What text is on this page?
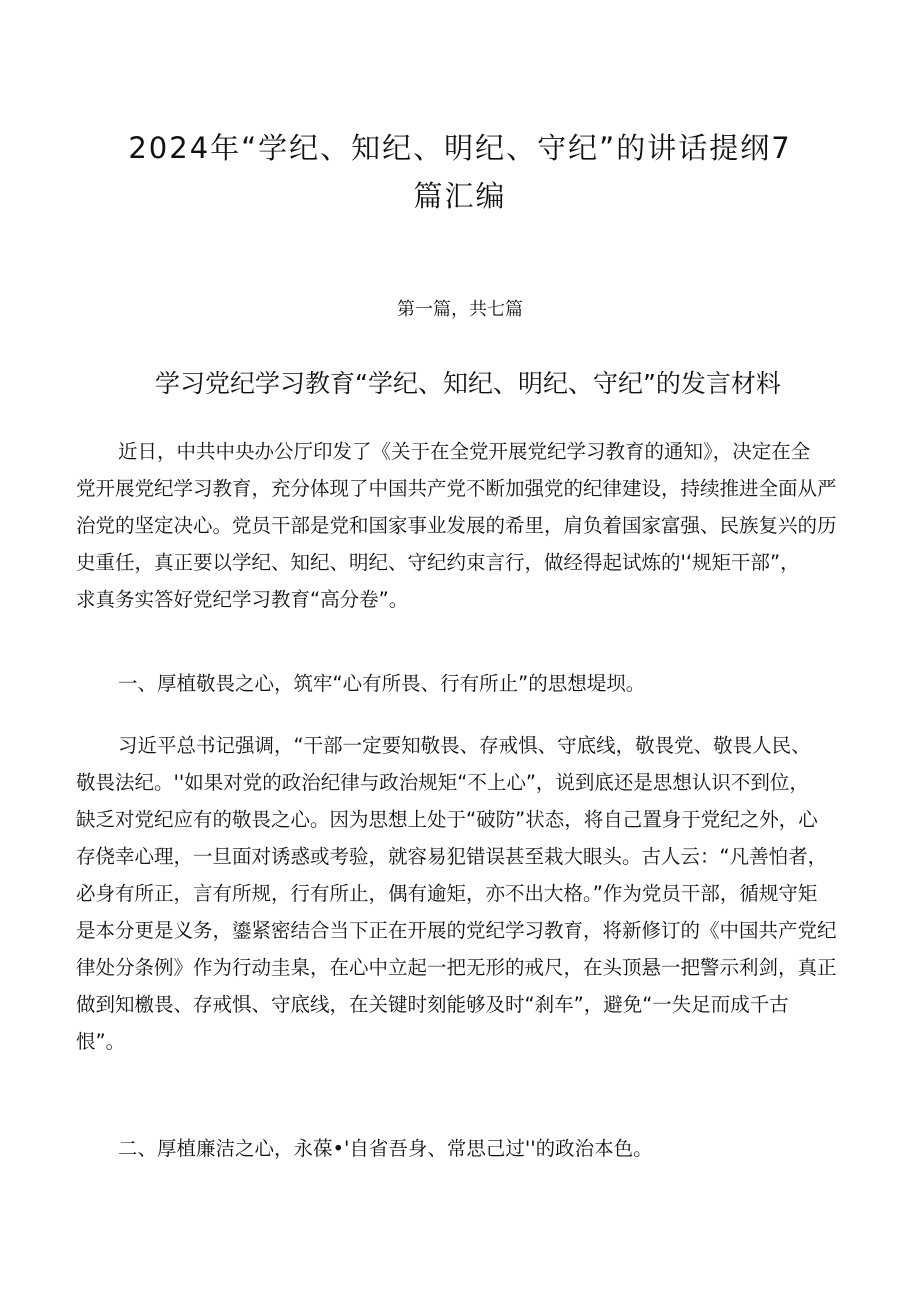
2024年“学纪、知纪、明纪、守纪”的讲话提纲7
篇汇编
第一篇，共七篇
学习党纪学习教育“学纪、知纪、明纪、守纪”的发言材料
近日，中共中央办公厅印发了《关于在全党开展党纪学习教育的通知》，决定在全
党开展党纪学习教育，充分体现了中国共产党不断加强党的纪律建设，持续推进全面从严
治党的坚定决心。党员干部是党和国家事业发展的希里，肩负着国家富强、民族复兴的历
史重任，真正要以学纪、知纪、明纪、守纪约束言行，做经得起试炼的'‘规矩干部”，
求真务实答好党纪学习教育“高分卷”。
一、厚植敬畏之心，筑牢“心有所畏、行有所止”的思想堤坝。
习近平总书记强调，“干部一定要知敬畏、存戒惧、守底线，敬畏党、敬畏人民、
敬畏法纪。''如果对党的政治纪律与政治规矩“不上心”，说到底还是思想认识不到位，
缺乏对党纪应有的敬畏之心。因为思想上处于“破防”状态，将自己置身于党纪之外，心
存侥幸心理，一旦面对诱惑或考验，就容易犯错误甚至栽大眼头。古人云：“凡善怕者，
必身有所正，言有所规，行有所止，偶有逾矩，亦不出大格。”作为党员干部，循规守矩
是本分更是义务，鎏紧密结合当下正在开展的党纪学习教育，将新修订的《中国共产党纪
律处分条例》作为行动圭臬，在心中立起一把无形的戒尺，在头顶悬一把警示利剑，真正
做到知檄畏、存戒惧、守底线，在关键时刻能够及时“刹车”，避免“一失足而成千古
恨”。
二、厚植廉洁之心，永葆•'自省吾身、常思己过''的政治本色。
